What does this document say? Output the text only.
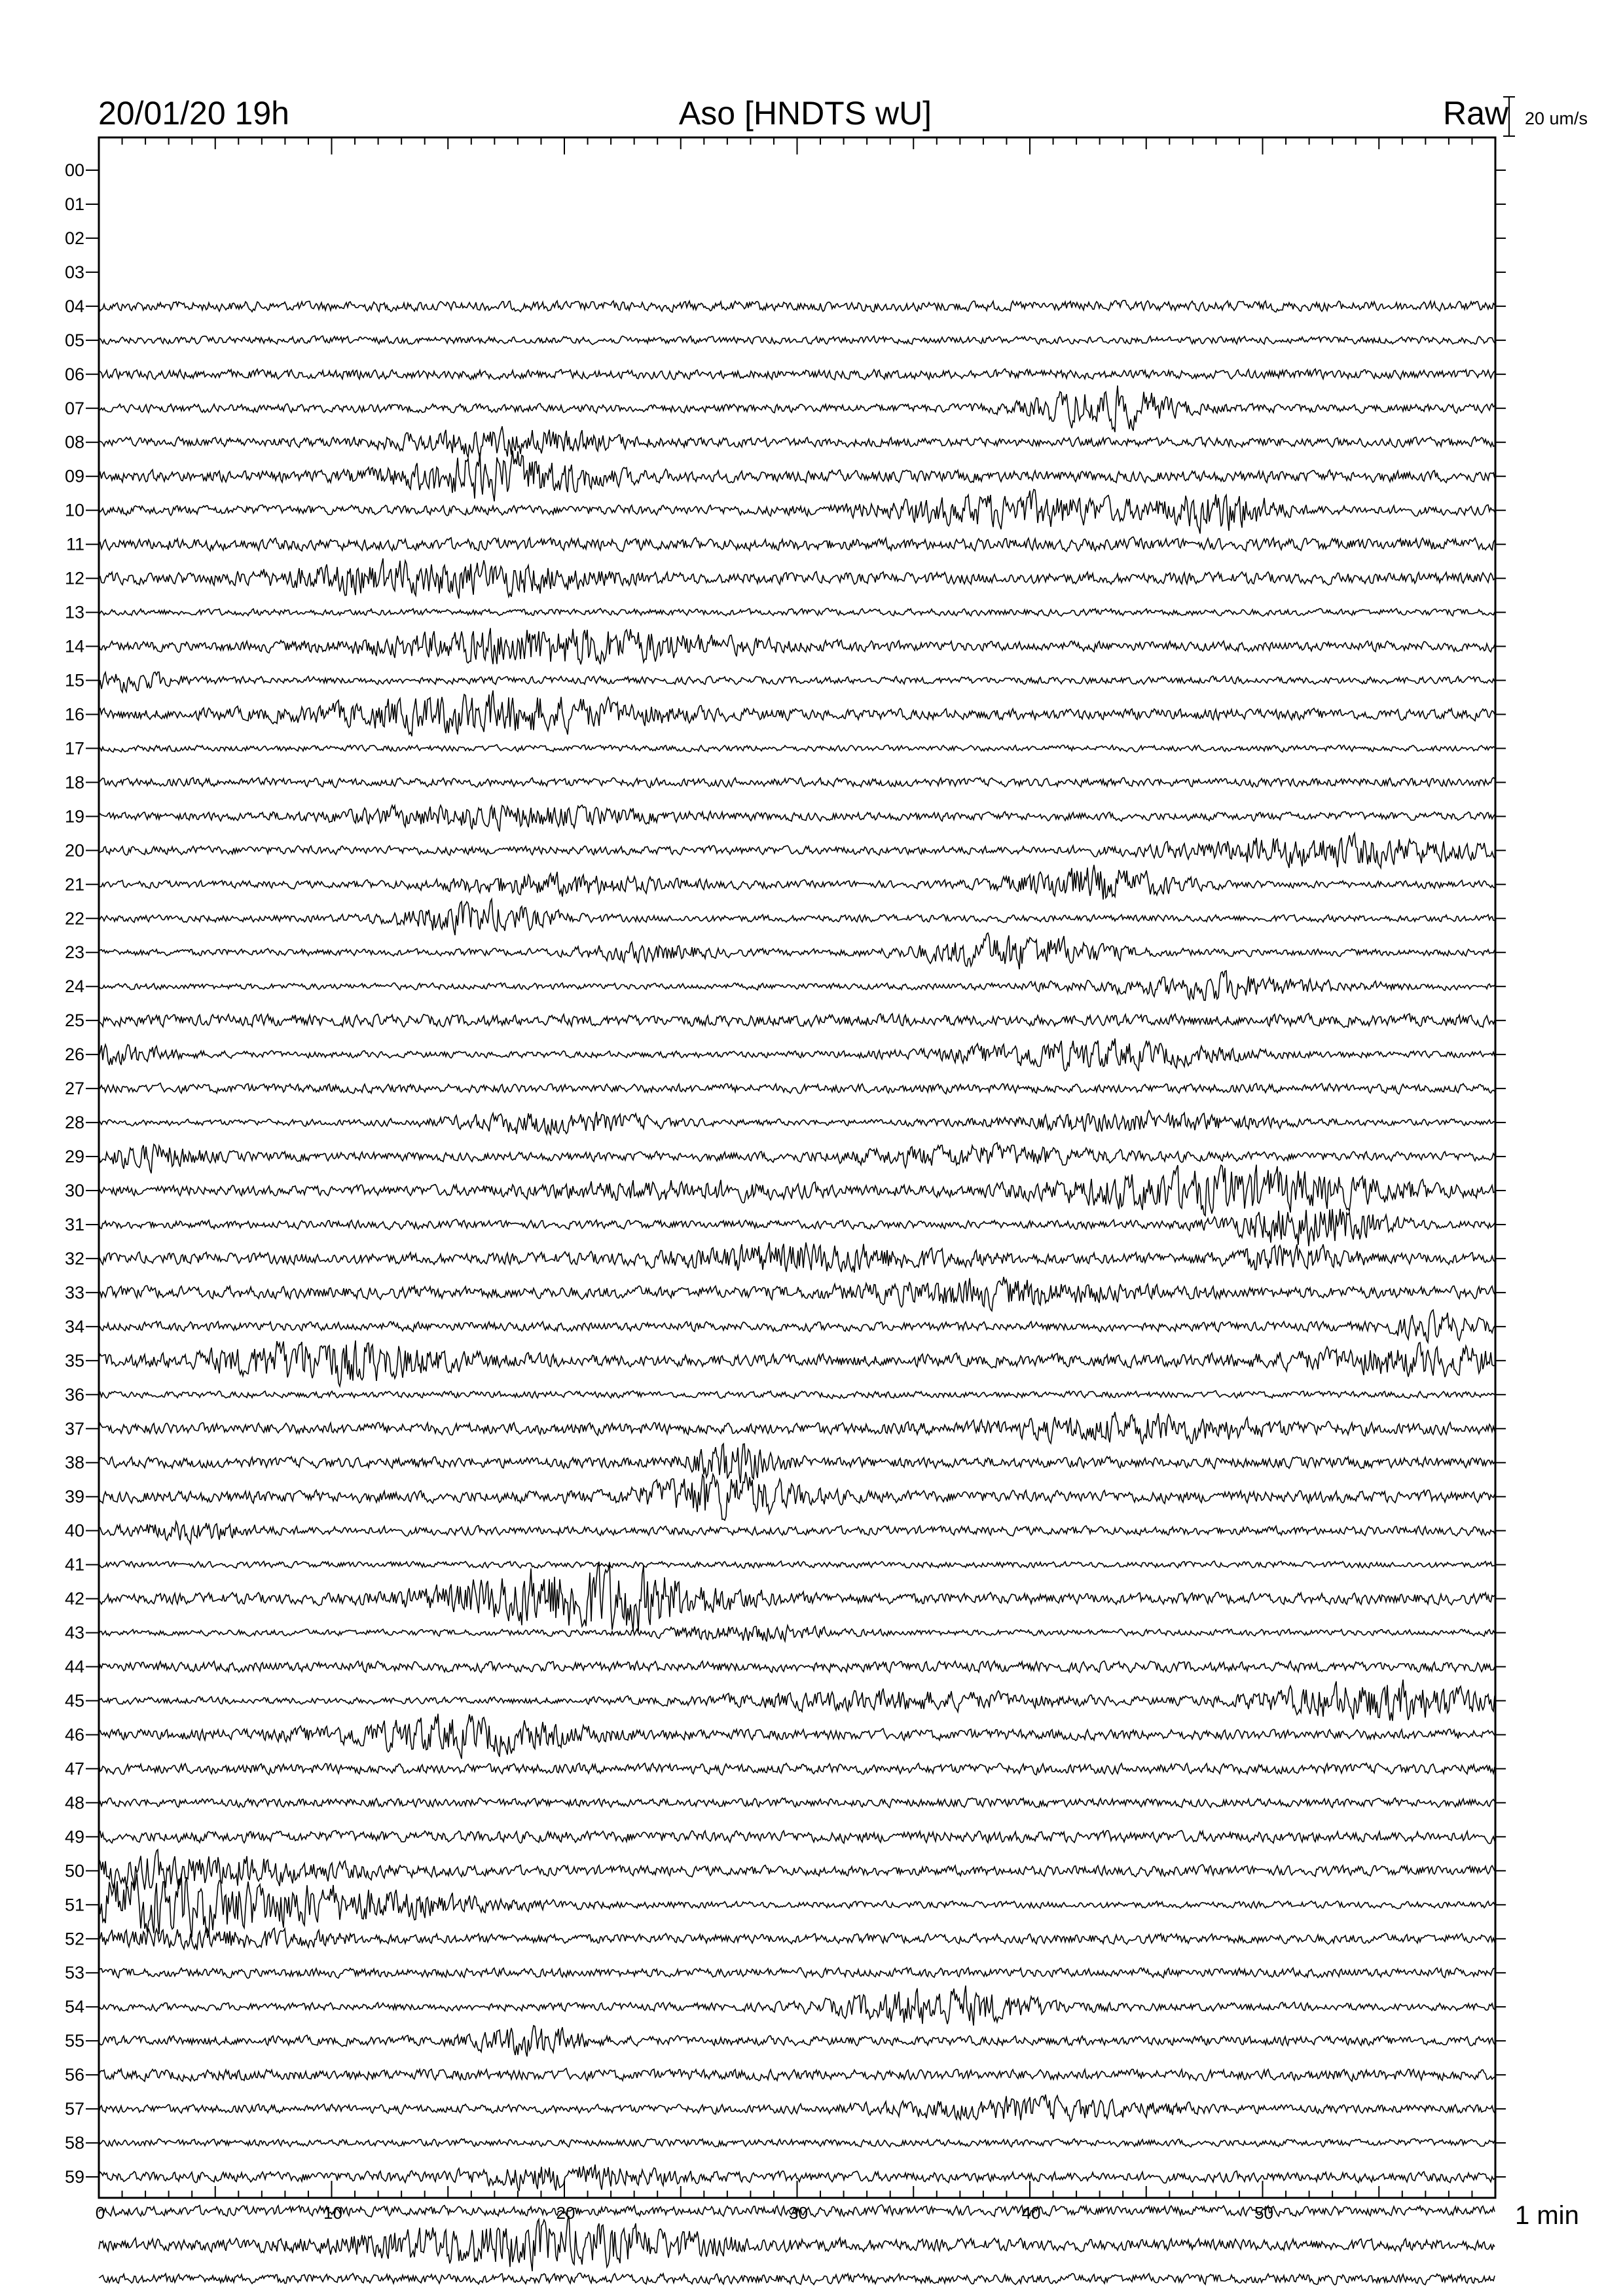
20/01/20 19h	Aso [HNDTS wU]	Raw
0	10	20	30	40	50	1 min
20 um/s
00
01
02
03
04
05
06
07
08
09
10
11
12
13
14
15
16
17
18
19
20
21
22
23
24
25
26
27
28
29
30
31
32
33
34
35
36
37
38
39
40
41
42
43
44
45
46
47
48
49
50
51
52
53
54
55
56
57
58
59
